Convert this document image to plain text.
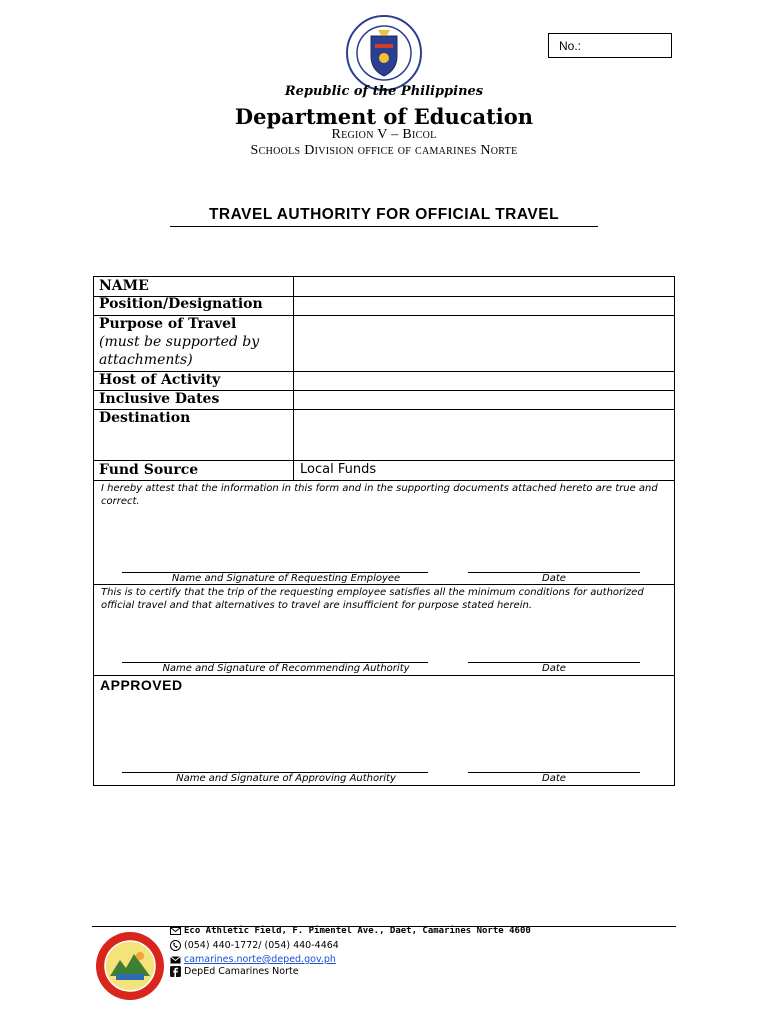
No.:
Republic of the Philippines
Department of Education
Region V – Bicol
Schools Division office of camarines Norte
TRAVEL AUTHORITY FOR OFFICIAL TRAVEL
NAME
Position/Designation
Purpose of Travel
(must be supported by
attachments)
Host of Activity
Inclusive Dates
Destination
Fund Source	Local Funds
I hereby attest that the information in this form and in the supporting documents attached hereto are true and correct.
Name and Signature of Requesting Employee	Date
This is to certify that the trip of the requesting employee satisfies all the minimum conditions for authorized official travel and that alternatives to travel are insufficient for purpose stated herein.
Name and Signature of Recommending Authority	Date
APPROVED
Name and Signature of Approving Authority	Date
Eco Athletic Field, F. Pimentel Ave., Daet, Camarines Norte 4600
(054) 440-1772/ (054) 440-4464
camarines.norte@deped.gov.ph
DepEd Camarines Norte
